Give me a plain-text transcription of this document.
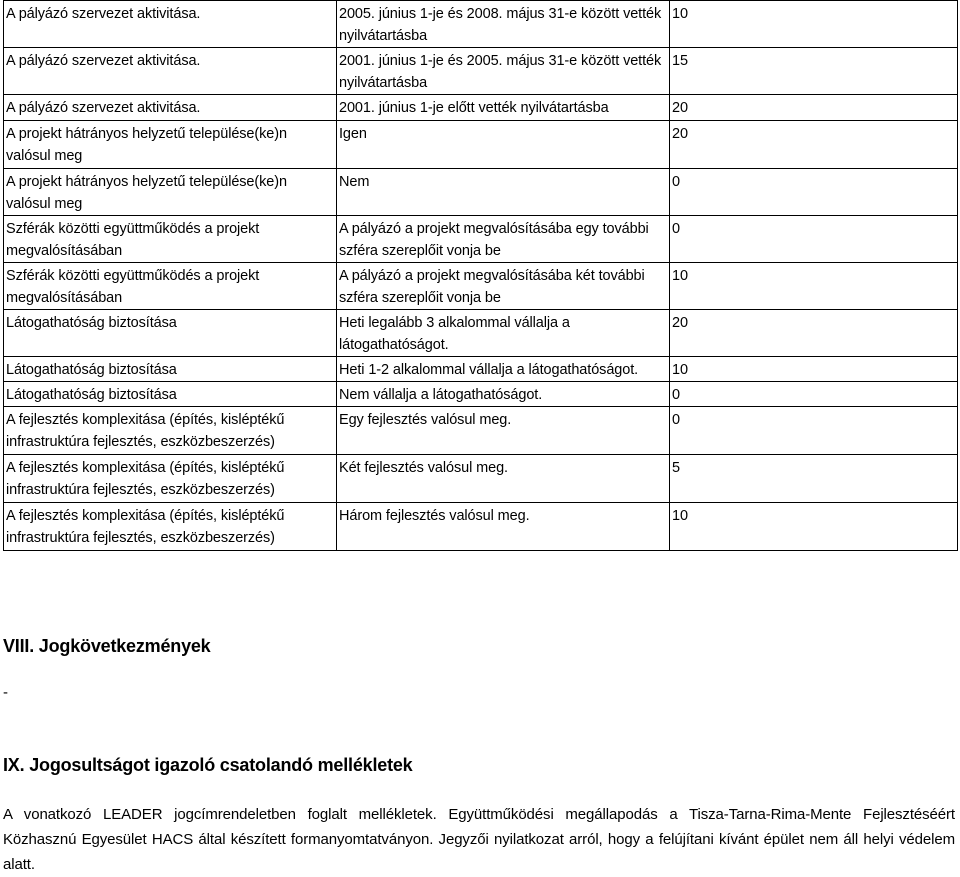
A pályázó szervezet aktivitása.	2005. június 1-je és 2008. május 31-e között vették nyilvátartásba	10
A pályázó szervezet aktivitása.	2001. június 1-je és 2005. május 31-e között vették nyilvátartásba	15
A pályázó szervezet aktivitása.	2001. június 1-je előtt vették nyilvátartásba	20
A projekt hátrányos helyzetű települése(ke)n valósul meg	Igen	20
A projekt hátrányos helyzetű települése(ke)n valósul meg	Nem	0
Szférák közötti együttműködés a projekt megvalósításában	A pályázó a projekt megvalósításába egy további szféra szereplőit vonja be	0
Szférák közötti együttműködés a projekt megvalósításában	A pályázó a projekt megvalósításába két további szféra szereplőit vonja be	10
Látogathatóság biztosítása	Heti legalább 3 alkalommal vállalja a látogathatóságot.	20
Látogathatóság biztosítása	Heti 1-2 alkalommal vállalja a látogathatóságot.	10
Látogathatóság biztosítása	Nem vállalja a látogathatóságot.	0
A fejlesztés komplexitása (építés, kisléptékű infrastruktúra fejlesztés, eszközbeszerzés)	Egy fejlesztés valósul meg.	0
A fejlesztés komplexitása (építés, kisléptékű infrastruktúra fejlesztés, eszközbeszerzés)	Két fejlesztés valósul meg.	5
A fejlesztés komplexitása (építés, kisléptékű infrastruktúra fejlesztés, eszközbeszerzés)	Három fejlesztés valósul meg.	10
VIII. Jogkövetkezmények
-
IX. Jogosultságot igazoló csatolandó mellékletek

A vonatkozó LEADER jogcímrendeletben foglalt mellékletek. Együttműködési megállapodás a Tisza-Tarna-Rima-Mente Fejlesztéséért Közhasznú Egyesület HACS által készített formanyomtatványon. Jegyzői nyilatkozat arról, hogy a felújítani kívánt épület nem áll helyi védelem alatt.
